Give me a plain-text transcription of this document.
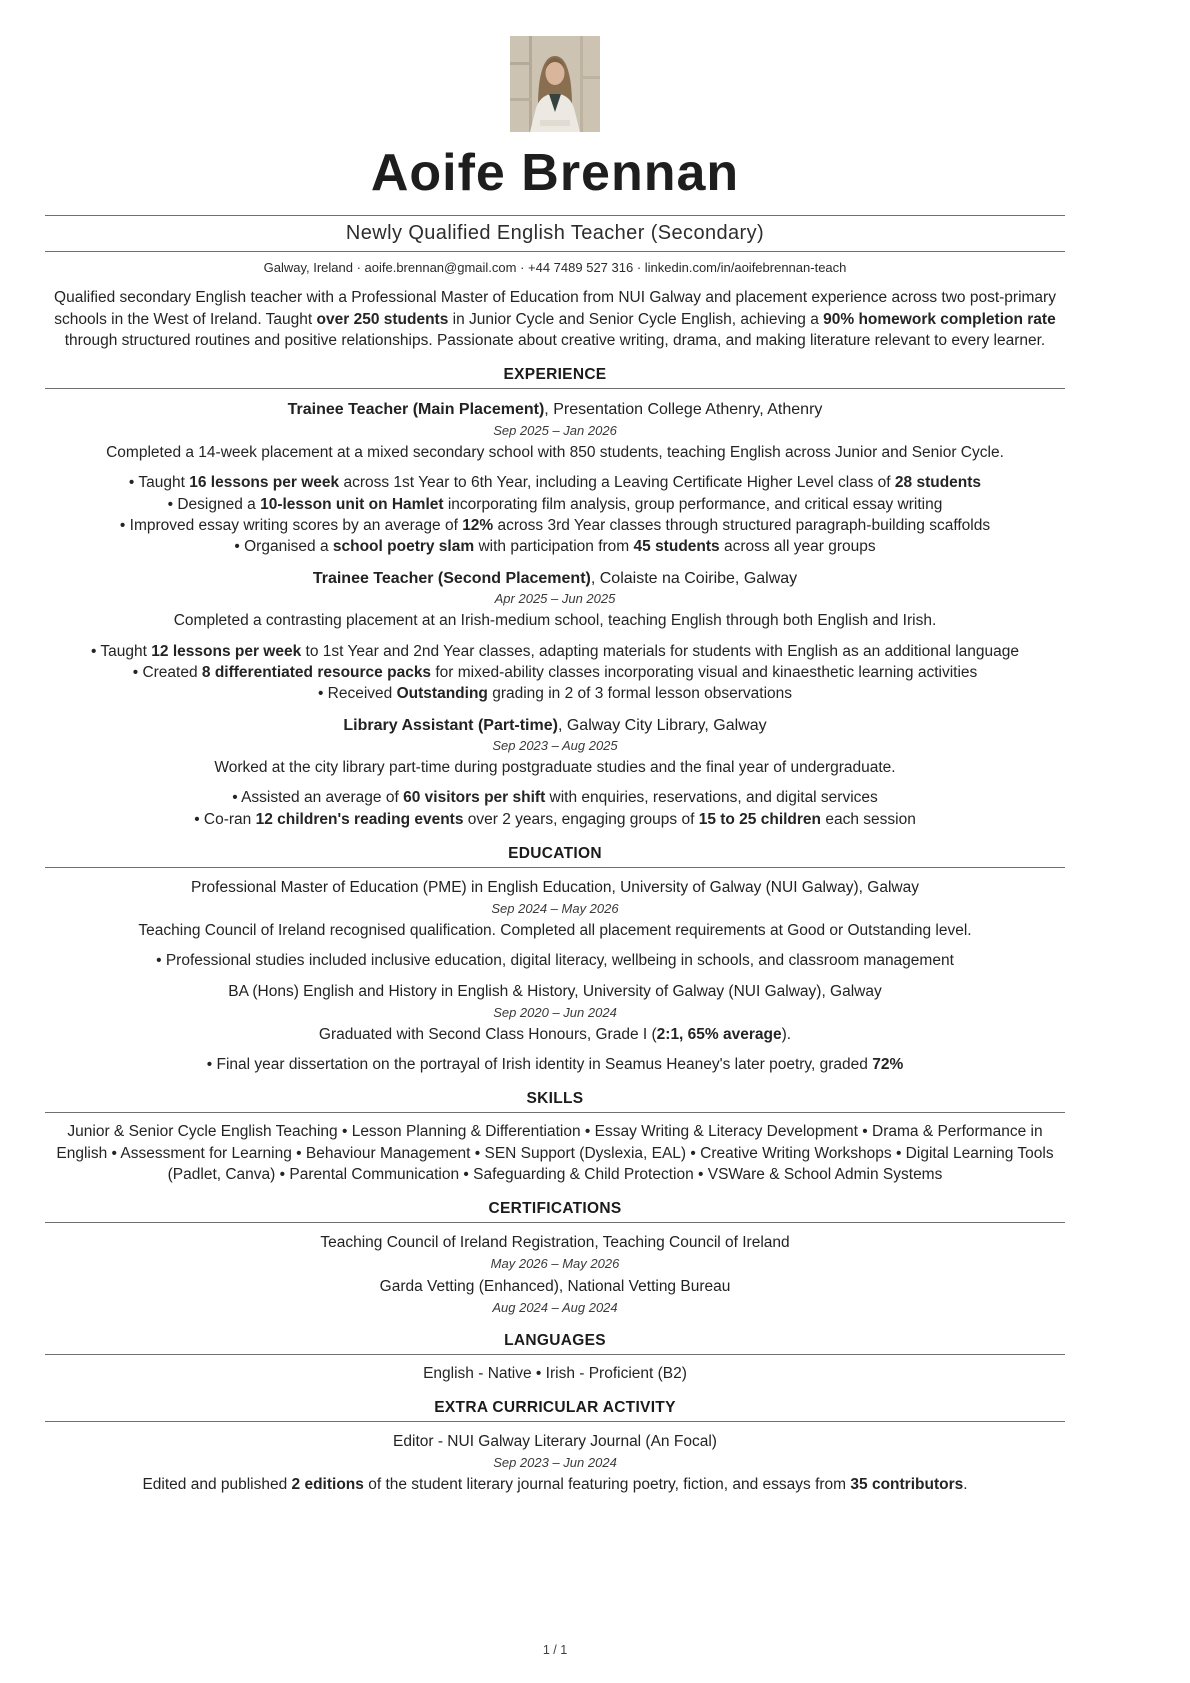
Aoife Brennan
Newly Qualified English Teacher (Secondary)
Galway, Ireland · aoife.brennan@gmail.com · +44 7489 527 316 · linkedin.com/in/aoifebrennan-teach

Qualified secondary English teacher with a Professional Master of Education from NUI Galway and placement experience across two post-primary schools in the West of Ireland. Taught over 250 students in Junior Cycle and Senior Cycle English, achieving a 90% homework completion rate through structured routines and positive relationships. Passionate about creative writing, drama, and making literature relevant to every learner.

EXPERIENCE

Trainee Teacher (Main Placement), Presentation College Athenry, Athenry

Sep 2025 – Jan 2026

Completed a 14-week placement at a mixed secondary school with 850 students, teaching English across Junior and Senior Cycle.

• Taught 16 lessons per week across 1st Year to 6th Year, including a Leaving Certificate Higher Level class of 28 students

• Designed a 10-lesson unit on Hamlet incorporating film analysis, group performance, and critical essay writing

• Improved essay writing scores by an average of 12% across 3rd Year classes through structured paragraph-building scaffolds

• Organised a school poetry slam with participation from 45 students across all year groups

Trainee Teacher (Second Placement), Colaiste na Coiribe, Galway

Apr 2025 – Jun 2025

Completed a contrasting placement at an Irish-medium school, teaching English through both English and Irish.

• Taught 12 lessons per week to 1st Year and 2nd Year classes, adapting materials for students with English as an additional language

• Created 8 differentiated resource packs for mixed-ability classes incorporating visual and kinaesthetic learning activities

• Received Outstanding grading in 2 of 3 formal lesson observations

Library Assistant (Part-time), Galway City Library, Galway

Sep 2023 – Aug 2025

Worked at the city library part-time during postgraduate studies and the final year of undergraduate.

• Assisted an average of 60 visitors per shift with enquiries, reservations, and digital services

• Co-ran 12 children's reading events over 2 years, engaging groups of 15 to 25 children each session

EDUCATION

Professional Master of Education (PME) in English Education, University of Galway (NUI Galway), Galway

Sep 2024 – May 2026

Teaching Council of Ireland recognised qualification. Completed all placement requirements at Good or Outstanding level.

• Professional studies included inclusive education, digital literacy, wellbeing in schools, and classroom management

BA (Hons) English and History in English & History, University of Galway (NUI Galway), Galway

Sep 2020 – Jun 2024

Graduated with Second Class Honours, Grade I (2:1, 65% average).

• Final year dissertation on the portrayal of Irish identity in Seamus Heaney's later poetry, graded 72%

SKILLS

Junior & Senior Cycle English Teaching • Lesson Planning & Differentiation • Essay Writing & Literacy Development • Drama & Performance in English • Assessment for Learning • Behaviour Management • SEN Support (Dyslexia, EAL) • Creative Writing Workshops • Digital Learning Tools (Padlet, Canva) • Parental Communication • Safeguarding & Child Protection • VSWare & School Admin Systems

CERTIFICATIONS

Teaching Council of Ireland Registration, Teaching Council of Ireland

May 2026 – May 2026

Garda Vetting (Enhanced), National Vetting Bureau

Aug 2024 – Aug 2024

LANGUAGES

English - Native • Irish - Proficient (B2)

EXTRA CURRICULAR ACTIVITY

Editor - NUI Galway Literary Journal (An Focal)

Sep 2023 – Jun 2024

Edited and published 2 editions of the student literary journal featuring poetry, fiction, and essays from 35 contributors.

1 / 1
